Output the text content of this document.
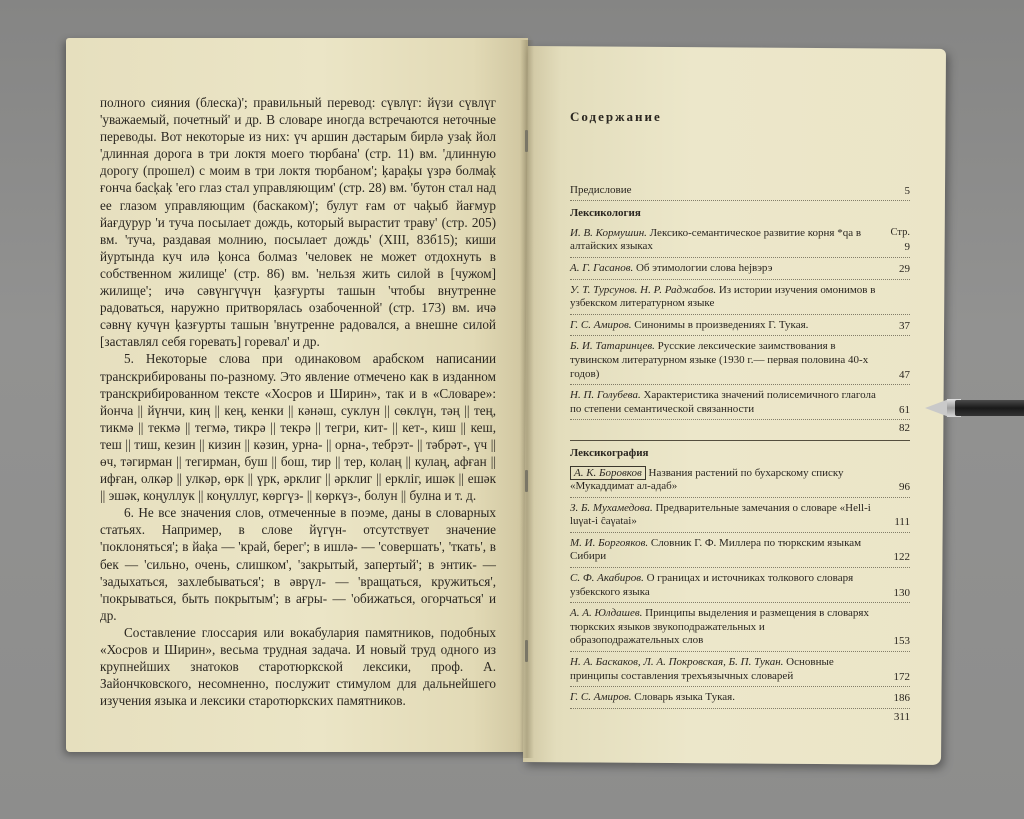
полного сияния (блеска)'; правильный перевод: сүвлүг: йүзи сүвлүг 'уважаемый, почетный' и др. В словаре иногда встречаются неточные переводы. Вот некоторые из них: үч аршин дәстарым бирлә узаķ йол 'длинная дорога в три локтя моего тюрбана' (стр. 11) вм. 'длинную дорогу (прошел) с моим в три локтя тюрбаном'; ķараķы үзрә болмаķ ғонча басķаķ 'его глаз стал управляющим' (стр. 28) вм. 'бутон стал над ее глазом управляющим (баскаком)'; булут ғам от чаķыб йағмур йағдурур 'и туча посылает дождь, который вырастит траву' (стр. 205) вм. 'туча, раздавая молнию, посылает дождь' (XIII, 83б15); киши йуртында куч илә ķонса болмаз 'человек не может отдохнуть в собственном жилище' (стр. 86) вм. 'нельзя жить силой в [чужом] жилище'; ичә сәвүнгүчүн ķазғурты ташын 'чтобы внутренне радоваться, наружно притворялась озабоченной' (стр. 173) вм. ичә сәвнү кучүн ķазғурты ташын 'внутренне радовался, а внешне силой [заставлял себя горевать] горевал' и др.

5. Некоторые слова при одинаковом арабском написании транскрибированы по-разному. Это явление отмечено как в изданном транскрибированном тексте «Хосров и Ширин», так и в «Словаре»: йонча || йүнчи, киң || кең, кенки || кәнәш, суклун || сөклүн, тәң || тең, тикмә || текмә || тегмә, тикрә || текрә || тегри, кит- || кет-, киш || кеш, теш || тиш, кезин || кизин || кәзин, урна- || орна-, тебрэт- || тәбрәт-, үч || өч, тәгирман || тегирман, буш || бош, тир || тер, колаң || кулаң, афған || ифған, олкәр || улкәр, өрк || үрк, әрклиг || әрклиг || еркліг, ишәк || ешәк || эшәк, коңуллук || коңуллуг, көргүз- || көркүз-, болун || булна и т. д.

6. Не все значения слов, отмеченные в поэме, даны в словарных статьях. Например, в слове йүгүн- отсутствует значение 'поклоняться'; в йаķа — 'край, берег'; в ишлә- — 'совершать', 'ткать', в бек — 'сильно, очень, слишком', 'закрытый, запертый'; в энтик- — 'задыхаться, захлебываться'; в әврүл- — 'вращаться, кружиться', 'покрываться, быть покрытым'; в ағры- — 'обижаться, огорчаться' и др.

Составление глоссария или вокабулария памятников, подобных «Хосров и Ширин», весьма трудная задача. И новый труд одного из крупнейших знатоков старотюркской лексики, проф. А. Зайончковского, несомненно, послужит стимулом для дальнейшего изучения языка и лексики старотюркских памятников.

Содержание
Стр.
Предисловие	5
Лексикология
И. В. Кормушин. Лексико-семантическое развитие корня *qa в алтайских языках	9
А. Г. Гасанов. Об этимологии слова hеjвэрэ	29
У. Т. Турсунов. Н. Р. Раджабов. Из истории изучения омонимов в узбекском литературном языке
Г. С. Амиров. Синонимы в произведениях Г. Тукая.	37
Б. И. Татаринцев. Русские лексические заимствования в тувинском литературном языке (1930 г.— первая половина 40-х годов)	47
Н. П. Голубева. Характеристика значений полисемичного глагола по степени семантической связанности	61
82
Лексикография
А. К. Боровков Названия растений по бухарскому списку «Мукаддимат ал-адаб»	96
З. Б. Мухамедова. Предварительные замечания о словаре «Hell-i luγat-i ĉaγatai»	111
М. И. Боргояков. Словник Г. Ф. Миллера по тюркским языкам Сибири	122
С. Ф. Акабиров. О границах и источниках толкового словаря узбекского языка	130
А. А. Юлдашев. Принципы выделения и размещения в словарях тюркских языков звукоподражательных и образоподражательных слов	153
Н. А. Баскаков, Л. А. Покровская, Б. П. Тукан. Основные принципы составления трехъязычных словарей	172
Г. С. Амиров. Словарь языка Тукая.	186
311
